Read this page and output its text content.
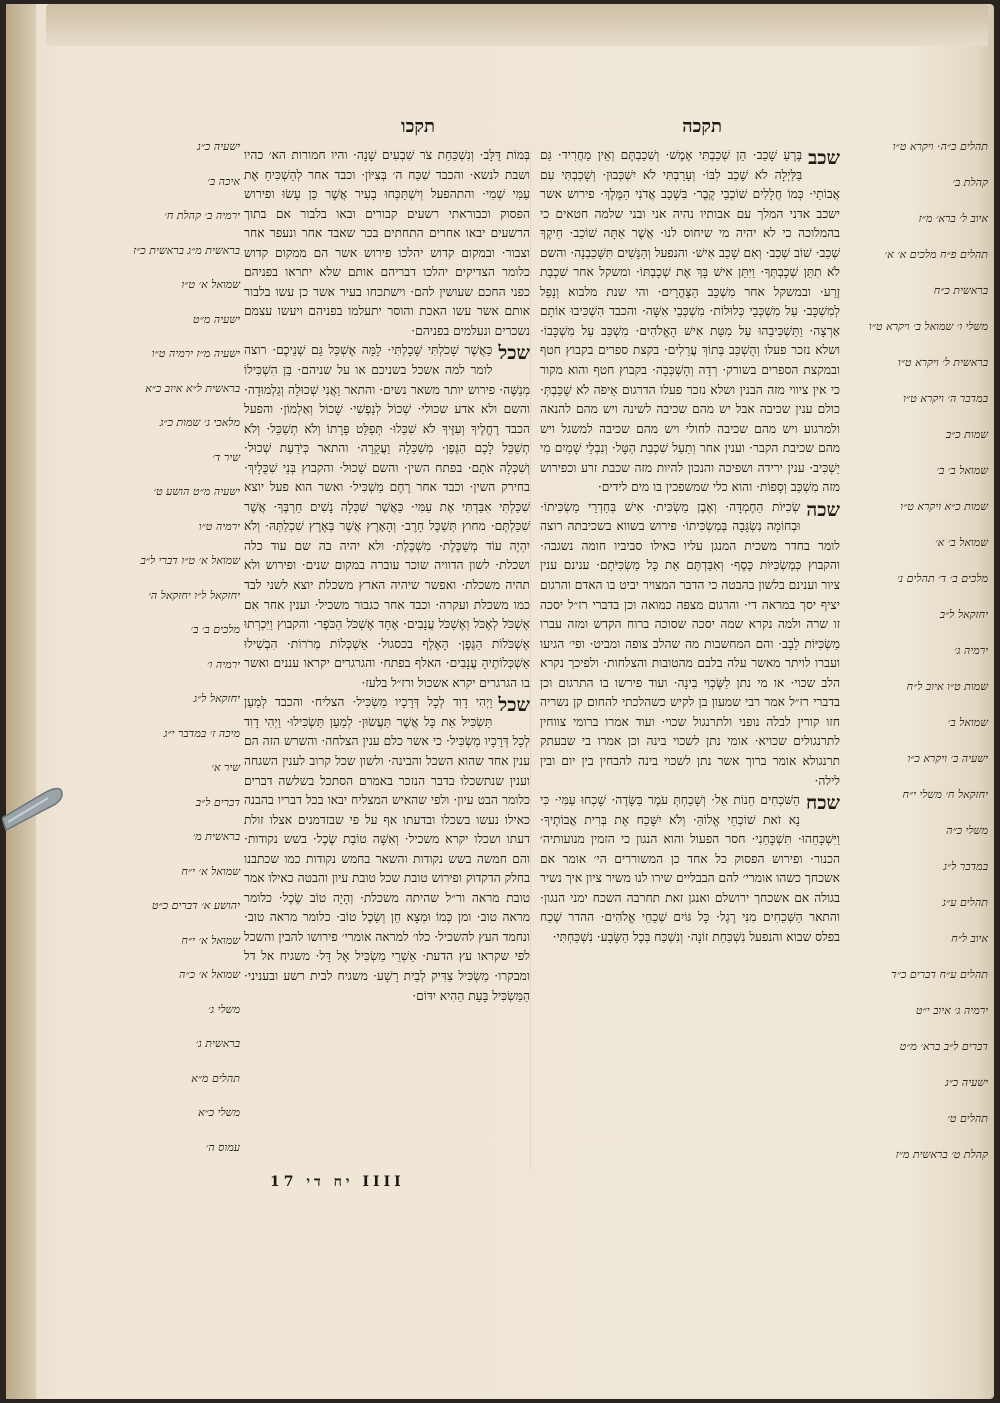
תקכה
תקכו

שכב
בֶּרֶעַ שָׁכַב· הֵן שְׁכַבְתִּי אֶמֶשׁ· וְשִׁכַבְתֶּם וְאֵין מַחֲרִיד· גַּם בַּלַּיְלָה לֹא שָׁכַב לִבּוֹ· וְעָרַבְתִּי לֹא יִשְׁכְּבוּן· וְשָׁכַבְתִּי עִם אֲבוֹתַי· כְּמוֹ חֲלָלִים שׁוֹכְבֵי קֶבֶר· בִּשְׁכַב אֲדֹנִי הַמֶּלֶךְ· פירוש אשר ישכב אדני המלך עם אבותיו נהיה אני ובני שלמה חטאים כי בהמלוכה כי לא יהיה מי שיחוס לנו· אֲשֶׁר אַתָּה שׁוֹכֵב· חֵיקֶךָ שְׁכַב· שׁוֹב שְׁכַב· וְאִם שָׁכַב אִישׁ· והנפעל וְהַנָּשִׁים תִּשָּׁכַבְנָה· והשם לֹא תִתֵּן שְׁכָבְתְּךָ· וַיִּתֵּן אִישׁ בָּךְ אֶת שְׁכָבְתּוֹ· ומשקל אחר שִׁכְבַת זֶרַע· ובמשקל אחר מִשְׁכַּב הַצָּהֳרָיִם· והי שנת מלבוא וְנָפַל לְמִשְׁכָּב· עַל מִשְׁכְּבֵי כְּלוּלוֹת· מִשְׁכְּבֵי אִשָּׁה· והכבד הִשְׁכִּיבוּ אוֹתָם אַרְצָה· וַתַּשְׁכִּיבֵהוּ עַל מִטַּת אִישׁ הָאֱלֹהִים· מִשְׁכַּב עַל מִשְׁכָּבוֹ· ושלא נזכר פעלו וְהֻשְׁכַּב בְּתוֹךְ עֲרֵלִים· בקצת ספרים בקבוץ חטף ובמקצת הספרים בשורק· רְדָה וְהָשְׁכְּבָה· בקבוץ חטף והוא מקור כי אין ציווי מזה הבנין ושלא נזכר פעלו הדרגום אֵיפֹה לֹא שֻׁכַּבְתְּ· כולם ענין שכיבה אבל יש מהם שכיבה לשינה ויש מהם להנאה ולמרגוע ויש מהם שכיבה לחולי ויש מהם שכיבה למשגל ויש מהם שכיבת הקבר· וענין אחר וְתַעַל שִׁכְבַת הַטָּל· וְנִבְלֵי שָׁמַיִם מִי יַשְׁכִּיב· ענין ירידה ושפיכה והנכון להיות מזה שכבת זרע וכפירוש מזה מִשְׁכַּב וְסָפוֹת· והוא כלי שמשפכין בו מים לידים·

שכה
שְׂכִיּוֹת הַחֶמְדָּה· וְאֶבֶן מַשְׂכִּית· אִישׁ בְּחַדְרֵי מַשְׂכִּיתוֹ· וּבְחוֹמָה נִשְׂגָּבָה בְּמַשְׂכִּיתוֹ· פירוש בשווא בשכיבתה רוצה לומר בחדר משכית המנגן עליו כאילו סביביו חומה נשגבה· והקבוץ כְּמַשְׂכִּיּוֹת כֶּסֶף· וְאִבַּדְתֶּם אֵת כָּל מַשְׂכִּיֹּתָם· ענינם ענין ציור וענינם בלשון בהבטה כי הדבר המצויר יביט בו האדם והרגום יציף יסך במראה די· והרגום מצפה כמואה וכן בדברי רז״ל יסכה זו שרה ולמה נקרא שמה יסכה שסוכה ברוח הקדש ומזה עברו מַשְׂכִּיּוֹת לֵבָב· והם המחשבות מה שהלב צופה ומביט· ופי׳ הגיעו ועברו לויתר מאשר עלה בלבם מהטובות והצלחות· ולפיכך נקרא הלב שכוי· או מי נתן לַשֶּׂכְוִי בִינָה· ועוד פירשו בו התרגום וכן בדברי רז״ל אמר רבי שמעון בן לקיש כשהלכתי להחום קן נשריה חזו קורין לבלה נופני ולתרנגול שכוי· ועוד אמרו ברומי צווחין לתרנגולים שכויא· אומי נתן לשכוי בינה וכן אמרו בי שבעתק תרנגולא אומר ברוך אשר נתן לשכוי בינה להבחין בין יום ובין לילה·

שכח
הַשֹּׁכְחִים חֵנוֹת אֵל· וְשָׁכַחְתְּ עֹמֶר בַּשָּׂדֶה· שָׁכְחוּ עַמִּי· כִּי נָא זֹאת שׁוֹכְחֵי אֱלוֹהַּ· וְלֹא יִשָּׁכַח אֶת בְּרִית אֲבוֹתֶיךָ· וַיִּשְׁכָּחֵהוּ· תִּשְׁכָּחֵנִי· חסר הפעול והוא הנגון כי הזמין מנועותיה׳ הכנור· ופירוש הפסוק כל אחד כן המשוררים הי׳ אומר אם אשכחך כשהו אומרי׳ להם הבבליים שירו לנו משיר ציון איך נשיר בגולה אם אשכחך ירושלם ואנגן זאת תחרבה השכח ימני הנגון· והתאר הַשְּׁכֵחִים מִנִּי רֶגֶל· כָּל גּוֹיִם שְׁכֵחֵי אֱלֹהִים· ההדר שֶׁכַח בפלס שבוא והנפעל נִשְׁכַּחַת זוֹנָה· וְנִשְׁכַּח בְּכָל הַשָּׂבָע· נִשְׁכַּחְתִּי·

בְּמוֹת דֻּלָּב· וְנִשְׁכַּחַת צֹר שִׁבְעִים שָׁנָה· והיו חמורות הא׳ כהיו ושבת לנשא· והכבד שִׁכַּח ה׳ בְּצִיּוֹן· וכבד אחר לְהַשְׁכִּיחַ אֶת עַמִּי שְׁמִי· והתהפעל וְיִשְׁתַּכְּחוּ בָעִיר אֲשֶׁר כֵּן עָשׂוּ ופירוש הפסוק וכבוראתי רשעים קבורים ובאו בלבור אם בתוך הרשעים יבאו אחרים התחתים בכר שאבד אחר ונעפר אחר וצבור· ובמקום קדוש יהלכו פירוש אשר הם ממקום קדוש כלומר הצדיקים יהלכו דבריהם אותם שלא יתראו בפניהם כפני החכם שעושין להם· וישתכחו בעיר אשר כן עשו בלבור אותם אשר עשו האכת והוסר יתעלמו בפניהם ויעשו עצמם נשכרים ונעלמים בפניהם·

שכל
כַּאֲשֶׁר שָׁכֹלְתִּי שָׁכָלְתִּי· לָמָּה אֶשְׁכַּל גַּם שְׁנֵיכֶם· רוצה לומר למה אשכל בשניכם או על שניהם· בֵּן הִשְׁכִּילוֹ מְנַשֶּׁה· פירוש יותר משאר נשים· והתאר וַאֲנִי שְׁכוּלָה וְגַלְמוּדָה· והשם ולא אדע שכולי· שְׁכוֹל לְנַפְשִׁי· שָׁכוֹל וְאַלְמוֹן· והפעל הכבד רֶחֱלֶיךָ וְעִזֶּיךָ לֹא שִׁכֵּלוּ· תְּפַלֵּט פָּרָתוֹ וְלֹא תְשַׁכֵּל· וְלֹא תְשַׁכֵּל לָכֶם הַגֶּפֶן· מְשַׁכֵּלָה וַעֲקָרָה· והתאר כְּיֹדַעַת שְׁכוּל· וְשִׁכְּלָה אֹתָם· בפתח השין· והשם שָׁכוּל· והקבוץ בְּנֵי שִׁכֻּלָיִךְ· בחירק השין· וכבד אחר רֶחֶם מַשְׁכִּיל· ואשר הוא פעל יוצא שִׁכַּלְתִּי אִבַּדְתִּי אֶת עַמִּי· כַּאֲשֶׁר שִׁכְּלָה נָשִׁים חַרְבֶּךָ· אֲשֶׁר שִׁכַּלְתֶּם· מחוץ תְּשַׁכֶּל חָרֶב· וְהָאָרֶץ אֲשֶׁר בְּאֶרֶץ שִׁכְלַתְּהּ· וְלֹא יִהְיֶה עוֹד מְשַׁכֶּלֶת· מִשְׁכֶּלֶת· ולא יהיה בה שם עוד כלה ושכלת· לשון הדוויה שוכר עוברה במקום שנים· ופירוש ולא תהיה משכלת· ואפשר שיהיה הארץ משכלת יוצא לשני לבד כמו משכלת ועקרה· וכבד אחר כגבור משכיל· וענין אחר אִם אֶשְׁכֹּל לְאֶכֹּל וְאֶשְׁכֹּל עֲנָבִים· אֶחָד אֶשְׁכֹּל הַכֹּפֶר· והקבוץ וַיִּכְרְתוּ אֶשְׁכֹּלוֹת הַגֶּפֶן· הָאֶלֶף בכסגול· אַשְׁכְּלוֹת מְרֹרוֹת· הִבְשִׁילוּ אַשְׁכְּלוֹתֶיהָ עֲנָבִים· האלף בפתח· והגרגרים יקראו עננים ואשר בו הגרגרים יקרא אשכול ורז״ל בלעז·

שכל
וַיְהִי דָוִד לְכָל דְּרָכָיו מַשְׂכִּיל· הצליח· והכבד לְמַעַן תַּשְׂכִּיל אֵת כָּל אֲשֶׁר תַּעֲשׂוּן· לְמַעַן תַּשְׂכִּילוּ· וַיְהִי דָוִד לְכָל דְּרָכָיו מַשְׂכִּיל· כי אשר כלם ענין הצלחה· והשרש הזה הם ענין אחד שהוא השכל והבינה· ולשון שכל קרוב לענין השגחה וענין שנתשכלו בדבר הנזכר באמרם הסתכל בשלשה דברים כלומר הבט עיון· ולפי שהאיש המצליח יבאו בכל דבריו בהבנה כאילו נעשו בשכלו ובדעתו אף על פי שבזדמנים אצלו זולת דעתו ושכלו יקרא משכיל· וְאִשָּׁה טוֹבַת שֶׂכֶל· בשש נקודות· והם חמשה בשש נקודות והשאר בחמש נקודות כמו שכתבנו בחלק הדקדוק ופירוש טובת שכל טובת עיון והבטה כאילו אמר טובת מראה ור״ל שהיתה משכלת· וְהָיָה טוֹב שֶׂכֶל· כלומר מראה טוב· ומן כְּמוֹ וּמְצָא חֵן וְשֵׂכֶל טוֹב· כלומר מראה טוב· ונחמד העץ להשכיל· כלו׳ למראה אומרי׳ פירושו להבין והשכל לפי שקראו עץ הדעת· אַשְׁרֵי מַשְׂכִּיל אֶל דָּל· משגיח אל דל ומבקרו· מַשְׂכִּיל צַדִּיק לְבֵית רָשָׁע· משגיח לבית רשע ובעניני· הַמַּשְׂכִּיל בָּעֵת הַהִיא יִדּוֹם·

תהלים כ״ה· ויקרא ט״ו
קהלת ב׳
איוב ל׳ ברא׳ מ״ז
תהלים פ״ח מלכים א׳ א׳
בראשית כ״ח
משלי ו׳ שמואל ב׳ ויקרא ט״ו
בראשית ל׳ ויקרא ט״ו
במדבר ה׳ ויקרא ט״ו
שמות כ״ב
שמואל ב׳ ב׳
שמות כ״א ויקרא ט״ו
שמואל ב׳ א׳
מלכים ב׳ ד׳ תהלים נ׳
יחזקאל ל״ב
ירמיה ג׳
שמות ט״ו איוב ל״ח
שמואל ב׳
ישעיה ב׳ ויקרא כ״ו
יחזקאל ח׳ משלי י״ח
משלי כ״ה
במדבר ל״ג
תהלים ע״ג
איוב ל״ח
תהלים ע״ח דברים כ״ד
ירמיה ג׳ איוב י״ט
דברים ל״ב ברא׳ מ״ט
ישעיה כ״ג
תהלים ט׳
קהלת ט׳ בראשית מ״ז
ישעיה כ״ג
איכה ב׳
ירמיה ב׳ קהלת ח׳
בראשית מ״ג בראשית כ״ז
שמואל א׳ ט״ו
ישעיה מ״ט
ישעיה מ״ז ירמיה ט״ו
בראשית ל״א איוב כ״א
מלאכי ג׳ שמות כ״ג
שיר ד׳
ישעיה מ״ט הושע ט׳
ירמיה ט״ו
שמואל א׳ ט״ו דברי ל״ב
יחזקאל ל״ו יחזקאל ה׳
מלכים ב׳ ב׳
ירמיה ו׳
יחזקאל ל״ג
מיכה ז׳ במדבר י״ג
שיר א׳
דברים ל״ב
בראשית מ׳
שמואל א׳ י״ח
יהושע א׳ דברים כ״ט
שמואל א׳ י״ח
שמואל א׳ כ״ה
משלי ג׳
בראשית ג׳
תהלים מ״א
משלי כ״א
עמוס ה׳
יח די 17 IIII
